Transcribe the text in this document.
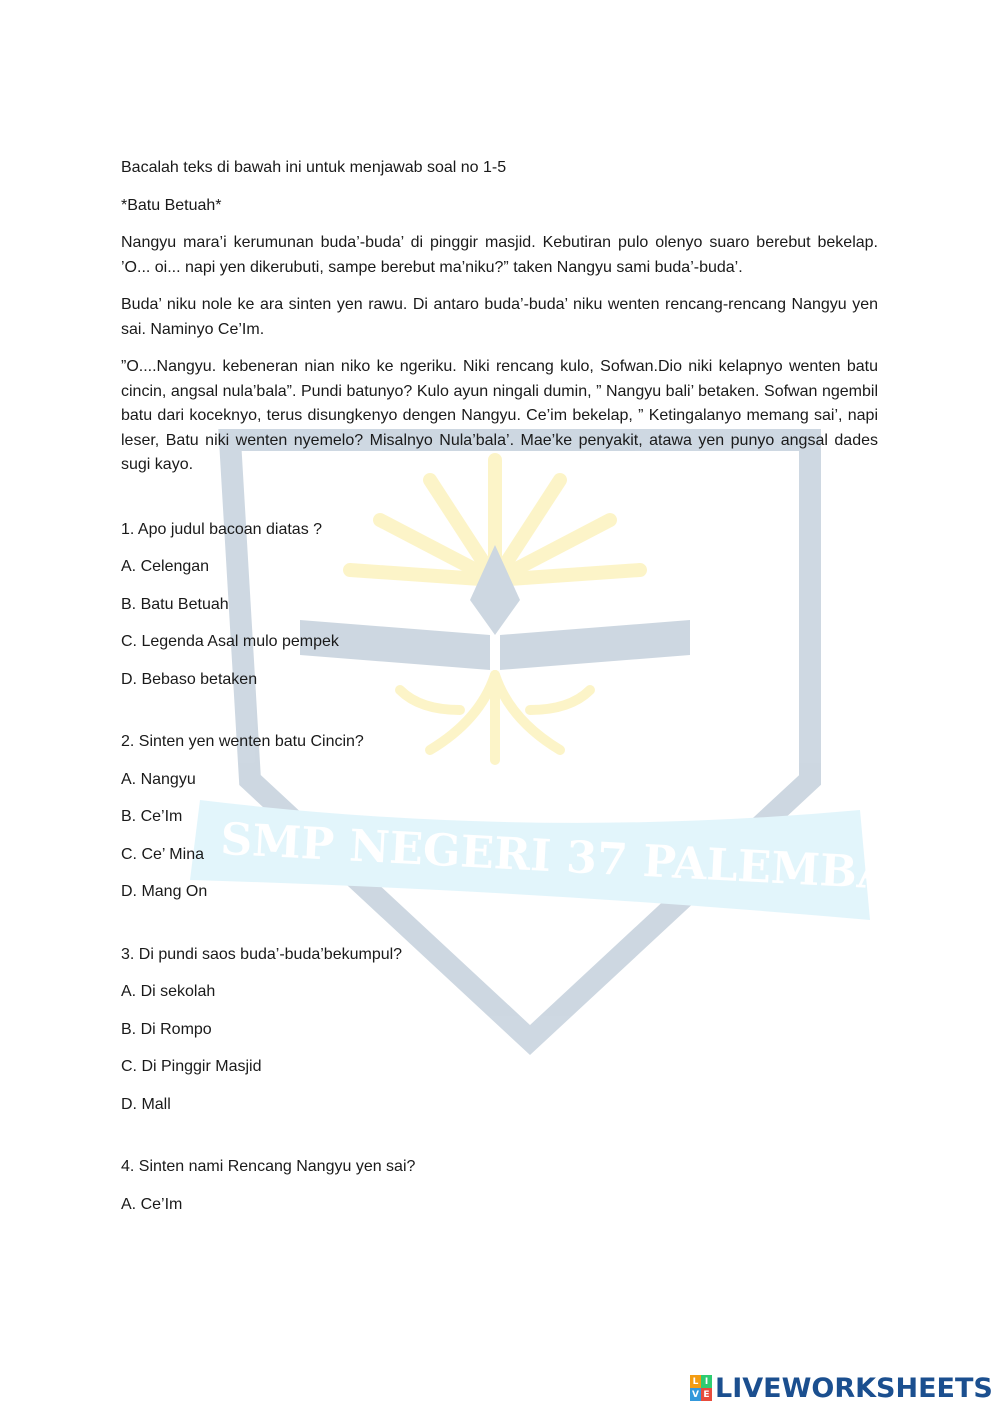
SMP NEGERI 37 PALEMBANG

Bacalah teks di bawah ini untuk menjawab soal no 1-5

*Batu Betuah*

Nangyu mara’i kerumunan buda’-buda’ di pinggir masjid. Kebutiran pulo olenyo suaro berebut bekelap. ’O... oi... napi yen dikerubuti, sampe berebut ma’niku?” taken Nangyu sami buda’-buda’.

Buda’ niku nole ke ara sinten yen rawu. Di antaro buda’-buda’ niku wenten rencang-rencang Nangyu yen sai. Naminyo Ce’Im.

”O....Nangyu. kebeneran nian niko ke ngeriku. Niki rencang kulo, Sofwan.Dio niki kelapnyo wenten batu cincin, angsal nula’bala”. Pundi batunyo? Kulo ayun ningali dumin, ” Nangyu bali’ betaken. Sofwan ngembil batu dari koceknyo, terus disungkenyo dengen Nangyu. Ce’im bekelap, ” Ketingalanyo memang sai’, napi leser, Batu niki wenten nyemelo? Misalnyo Nula’bala’. Mae’ke penyakit, atawa yen punyo angsal dades sugi kayo.

1. Apo judul bacoan diatas ?

A. Celengan

B. Batu Betuah

C. Legenda Asal mulo pempek

D. Bebaso betaken

2. Sinten yen wenten batu Cincin?

A. Nangyu

B. Ce’Im

C. Ce’ Mina

D. Mang On

3. Di pundi saos buda’-buda’bekumpul?

A. Di sekolah

B. Di Rompo

C. Di Pinggir Masjid

D. Mall

4. Sinten nami Rencang Nangyu yen sai?

A. Ce’Im

L I
V E LIVEWORKSHEETS
